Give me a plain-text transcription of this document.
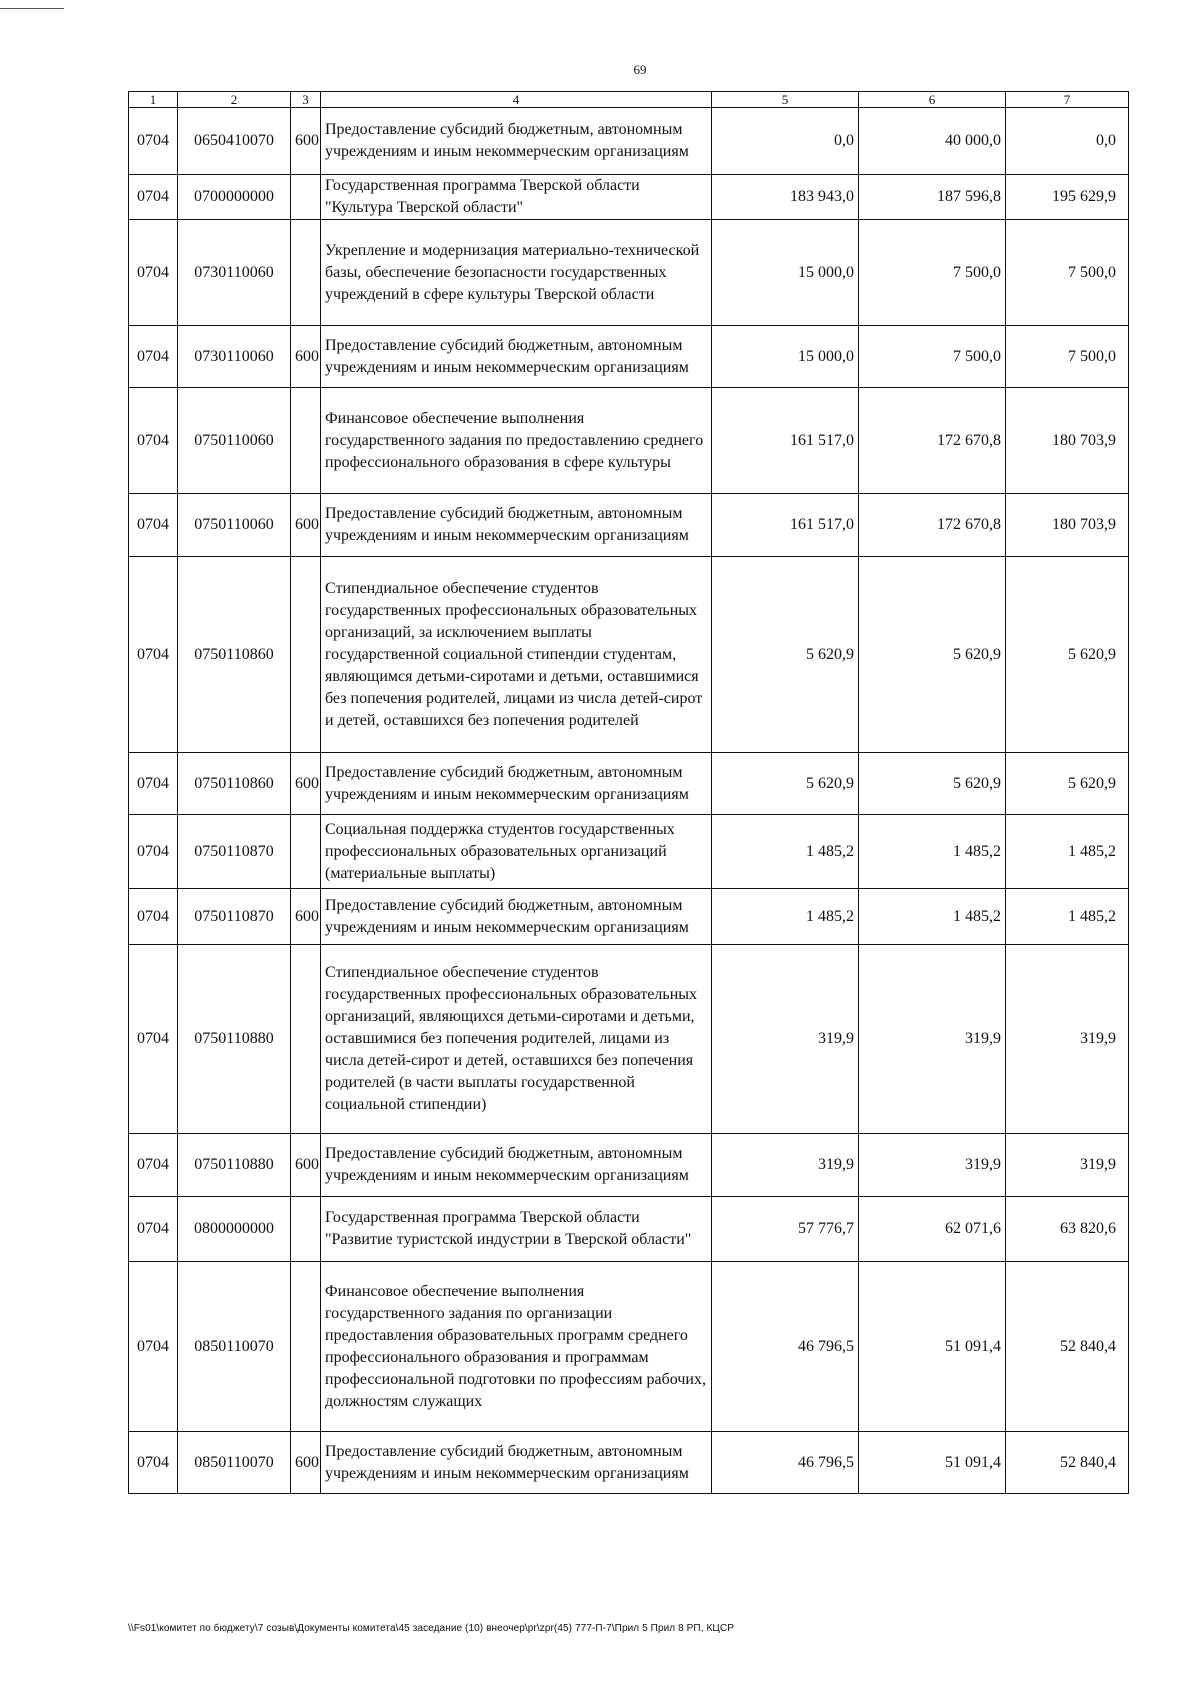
69
1	2	3	4	5	6	7
0704	0650410070	600	Предоставление субсидий бюджетным, автономным учреждениям и иным некоммерческим организациям	0,0	40 000,0	0,0
0704	0700000000		Государственная программа Тверской области "Культура Тверской области"	183 943,0	187 596,8	195 629,9
0704	0730110060		Укрепление и модернизация материально-технической базы, обеспечение безопасности государственных учреждений в сфере культуры Тверской области	15 000,0	7 500,0	7 500,0
0704	0730110060	600	Предоставление субсидий бюджетным, автономным учреждениям и иным некоммерческим организациям	15 000,0	7 500,0	7 500,0
0704	0750110060		Финансовое обеспечение выполнения государственного задания по предоставлению среднего профессионального образования в сфере культуры	161 517,0	172 670,8	180 703,9
0704	0750110060	600	Предоставление субсидий бюджетным, автономным учреждениям и иным некоммерческим организациям	161 517,0	172 670,8	180 703,9
0704	0750110860		Стипендиальное обеспечение студентов государственных профессиональных образовательных организаций, за исключением выплаты государственной социальной стипендии студентам, являющимся детьми-сиротами и детьми, оставшимися без попечения родителей, лицами из числа детей-сирот и детей, оставшихся без попечения родителей	5 620,9	5 620,9	5 620,9
0704	0750110860	600	Предоставление субсидий бюджетным, автономным учреждениям и иным некоммерческим организациям	5 620,9	5 620,9	5 620,9
0704	0750110870		Социальная поддержка студентов государственных профессиональных образовательных организаций (материальные выплаты)	1 485,2	1 485,2	1 485,2
0704	0750110870	600	Предоставление субсидий бюджетным, автономным учреждениям и иным некоммерческим организациям	1 485,2	1 485,2	1 485,2
0704	0750110880		Стипендиальное обеспечение студентов государственных профессиональных образовательных организаций, являющихся детьми-сиротами и детьми, оставшимися без попечения родителей, лицами из числа детей-сирот и детей, оставшихся без попечения родителей (в части выплаты государственной социальной стипендии)	319,9	319,9	319,9
0704	0750110880	600	Предоставление субсидий бюджетным, автономным учреждениям и иным некоммерческим организациям	319,9	319,9	319,9
0704	0800000000		Государственная программа Тверской области "Развитие туристской индустрии в Тверской области"	57 776,7	62 071,6	63 820,6
0704	0850110070		Финансовое обеспечение выполнения государственного задания по организации предоставления образовательных программ среднего профессионального образования и программам профессиональной подготовки по профессиям рабочих, должностям служащих	46 796,5	51 091,4	52 840,4
0704	0850110070	600	Предоставление субсидий бюджетным, автономным учреждениям и иным некоммерческим организациям	46 796,5	51 091,4	52 840,4
\\Fs01\комитет по бюджету\7 созыв\Документы комитета\45 заседание (10) внеочер\pr\zpr(45) 777-П-7\Прил 5 Прил 8 РП, КЦСР
